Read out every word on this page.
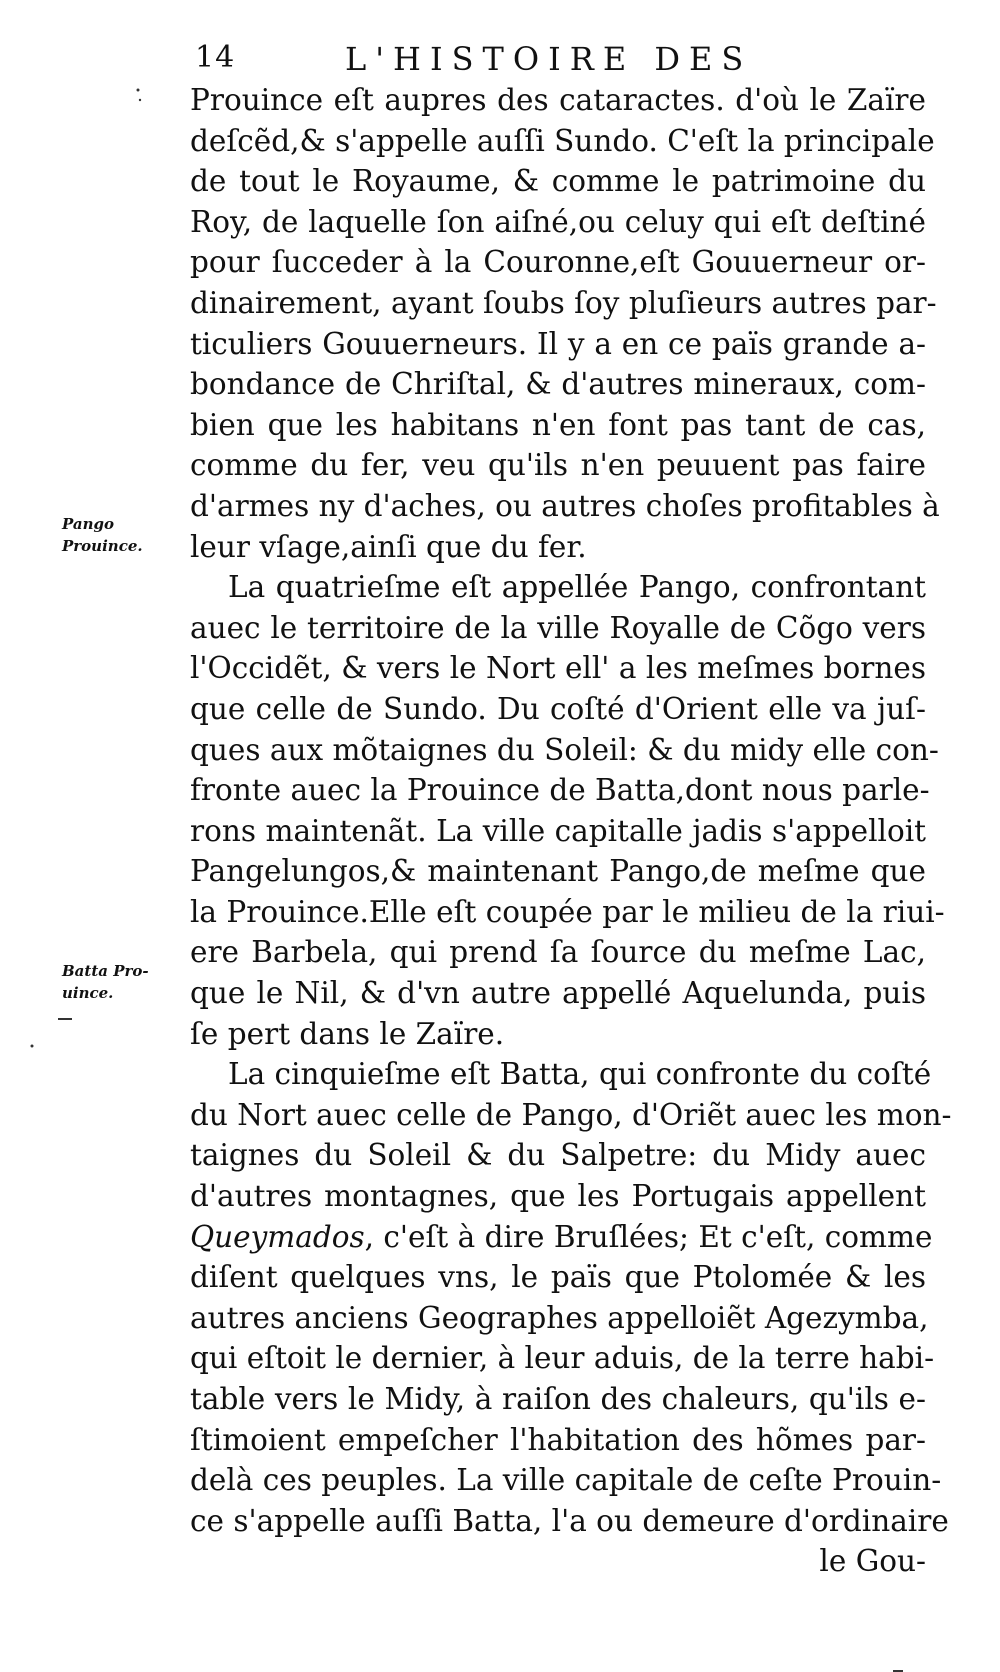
14	L'HISTOIRE DES
Pango
Prouince.
Batta Pro-
uince.
Prouince eſt aupres des cataractes. d'où le Zaïre
deſcẽd,& s'appelle auſſi Sundo. C'eſt la principale
de tout le Royaume, & comme le patrimoine du
Roy, de laquelle ſon aiſné,ou celuy qui eſt deſtiné
pour ſucceder à la Couronne,eſt Gouuerneur or-
dinairement, ayant ſoubs ſoy pluſieurs autres par-
ticuliers Gouuerneurs. Il y a en ce païs grande a-
bondance de Chriſtal, & d'autres mineraux, com-
bien que les habitans n'en font pas tant de cas,
comme du fer, veu qu'ils n'en peuuent pas faire
d'armes ny d'aches, ou autres choſes profitables à
leur vſage,ainſi que du fer.
La quatrieſme eſt appellée Pango, confrontant
auec le territoire de la ville Royalle de Cõgo vers
l'Occidẽt, & vers le Nort ell' a les meſmes bornes
que celle de Sundo. Du coſté d'Orient elle va juſ-
ques aux mõtaignes du Soleil: & du midy elle con-
fronte auec la Prouince de Batta,dont nous parle-
rons maintenãt. La ville capitalle jadis s'appelloit
Pangelungos,& maintenant Pango,de meſme que
la Prouince.Elle eſt coupée par le milieu de la riui-
ere Barbela, qui prend ſa ſource du meſme Lac,
que le Nil, & d'vn autre appellé Aquelunda, puis
ſe pert dans le Zaïre.
La cinquieſme eſt Batta, qui confronte du coſté
du Nort auec celle de Pango, d'Oriẽt auec les mon-
taignes du Soleil & du Salpetre: du Midy auec
d'autres montagnes, que les Portugais appellent
Queymados, c'eſt à dire Bruſlées; Et c'eſt, comme
diſent quelques vns, le païs que Ptolomée & les
autres anciens Geographes appelloiẽt Agezymba,
qui eſtoit le dernier, à leur aduis, de la terre habi-
table vers le Midy, à raiſon des chaleurs, qu'ils e-
ſtimoient empeſcher l'habitation des hõmes par-
delà ces peuples. La ville capitale de ceſte Prouin-
ce s'appelle auſſi Batta, l'a ou demeure d'ordinaire
le Gou-
